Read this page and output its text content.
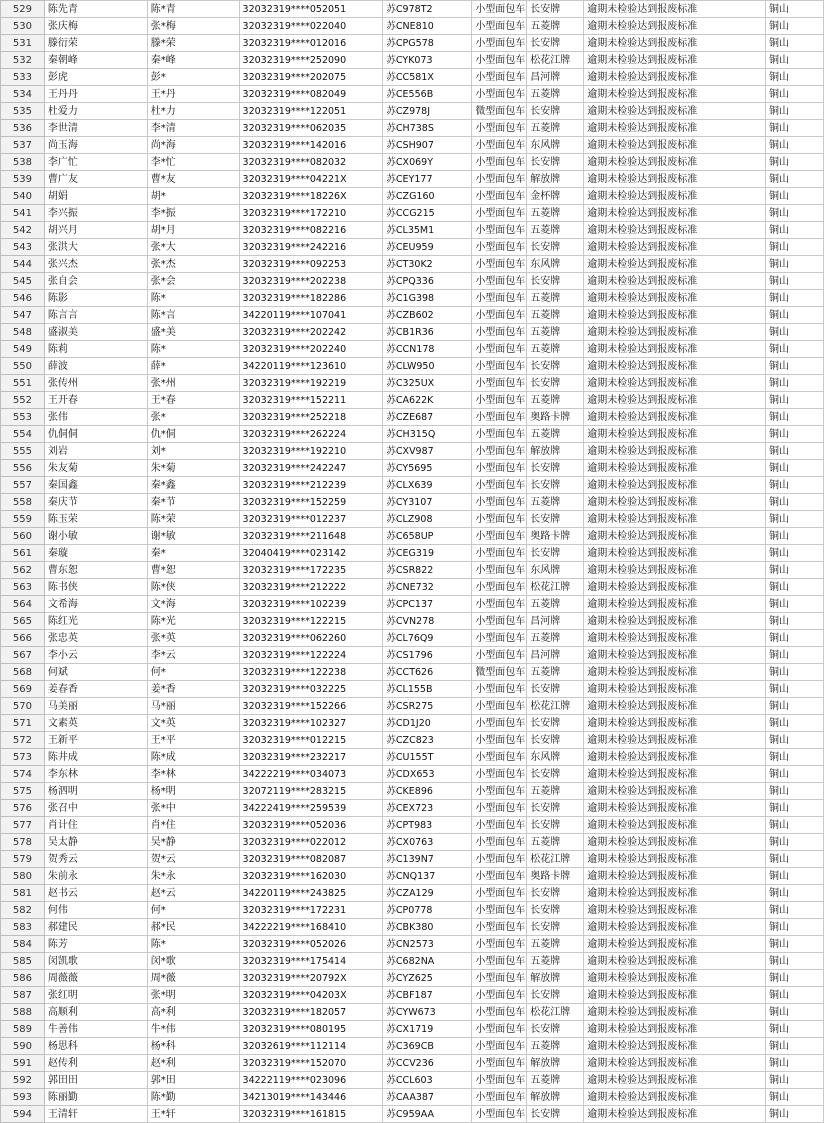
529	陈先青	陈*青	32032319****052051	苏C978T2	小型面包车	长安牌	逾期未检验达到报废标准	铜山
530	张庆梅	张*梅	32032319****022040	苏CNE810	小型面包车	五菱牌	逾期未检验达到报废标准	铜山
531	滕衍荣	滕*荣	32032319****012016	苏CPG578	小型面包车	长安牌	逾期未检验达到报废标准	铜山
532	秦朝峰	秦*峰	32032319****252090	苏CYK073	小型面包车	松花江牌	逾期未检验达到报废标准	铜山
533	彭虎	彭*	32032319****202075	苏CC581X	小型面包车	昌河牌	逾期未检验达到报废标准	铜山
534	王丹丹	王*丹	32032319****082049	苏CE556B	小型面包车	五菱牌	逾期未检验达到报废标准	铜山
535	杜爱力	杜*力	32032319****122051	苏CZ978J	微型面包车	长安牌	逾期未检验达到报废标准	铜山
536	李世清	李*清	32032319****062035	苏CH738S	小型面包车	五菱牌	逾期未检验达到报废标准	铜山
537	尚玉海	尚*海	32032319****142016	苏CSH907	小型面包车	东风牌	逾期未检验达到报废标准	铜山
538	李广忙	李*忙	32032319****082032	苏CX069Y	小型面包车	长安牌	逾期未检验达到报废标准	铜山
539	曹广友	曹*友	32032319****04221X	苏CEY177	小型面包车	解放牌	逾期未检验达到报废标准	铜山
540	胡娟	胡*	32032319****18226X	苏CZG160	小型面包车	金杯牌	逾期未检验达到报废标准	铜山
541	李兴振	李*振	32032319****172210	苏CCG215	小型面包车	五菱牌	逾期未检验达到报废标准	铜山
542	胡兴月	胡*月	32032319****082216	苏CL35M1	小型面包车	五菱牌	逾期未检验达到报废标准	铜山
543	张洪大	张*大	32032319****242216	苏CEU959	小型面包车	长安牌	逾期未检验达到报废标准	铜山
544	张兴杰	张*杰	32032319****092253	苏CT30K2	小型面包车	东风牌	逾期未检验达到报废标准	铜山
545	张自会	张*会	32032319****202238	苏CPQ336	小型面包车	长安牌	逾期未检验达到报废标准	铜山
546	陈影	陈*	32032319****182286	苏C1G398	小型面包车	五菱牌	逾期未检验达到报废标准	铜山
547	陈言言	陈*言	34220119****107041	苏CZB602	小型面包车	五菱牌	逾期未检验达到报废标准	铜山
548	盛淑美	盛*美	32032319****202242	苏CB1R36	小型面包车	五菱牌	逾期未检验达到报废标准	铜山
549	陈莉	陈*	32032319****202240	苏CCN178	小型面包车	五菱牌	逾期未检验达到报废标准	铜山
550	薛波	薛*	34220119****123610	苏CLW950	小型面包车	长安牌	逾期未检验达到报废标准	铜山
551	张传州	张*州	32032319****192219	苏C325UX	小型面包车	长安牌	逾期未检验达到报废标准	铜山
552	王开春	王*春	32032319****152211	苏CA622K	小型面包车	五菱牌	逾期未检验达到报废标准	铜山
553	张伟	张*	32032319****252218	苏CZE687	小型面包车	奥路卡牌	逾期未检验达到报废标准	铜山
554	仇侗侗	仇*侗	32032319****262224	苏CH315Q	小型面包车	五菱牌	逾期未检验达到报废标准	铜山
555	刘岩	刘*	32032319****192210	苏CXV987	小型面包车	解放牌	逾期未检验达到报废标准	铜山
556	朱友菊	朱*菊	32032319****242247	苏CY5695	小型面包车	长安牌	逾期未检验达到报废标准	铜山
557	秦国鑫	秦*鑫	32032319****212239	苏CLX639	小型面包车	长安牌	逾期未检验达到报废标准	铜山
558	秦庆节	秦*节	32032319****152259	苏CY3107	小型面包车	五菱牌	逾期未检验达到报废标准	铜山
559	陈玉荣	陈*荣	32032319****012237	苏CLZ908	小型面包车	长安牌	逾期未检验达到报废标准	铜山
560	谢小敏	谢*敏	32032319****211648	苏C658UP	小型面包车	奥路卡牌	逾期未检验达到报废标准	铜山
561	秦璇	秦*	32040419****023142	苏CEG319	小型面包车	长安牌	逾期未检验达到报废标准	铜山
562	曹东恕	曹*恕	32032319****172235	苏CSR822	小型面包车	东风牌	逾期未检验达到报废标准	铜山
563	陈书侠	陈*侠	32032319****212222	苏CNE732	小型面包车	松花江牌	逾期未检验达到报废标准	铜山
564	文希海	文*海	32032319****102239	苏CPC137	小型面包车	五菱牌	逾期未检验达到报废标准	铜山
565	陈红光	陈*光	32032319****122215	苏CVN278	小型面包车	昌河牌	逾期未检验达到报废标准	铜山
566	张忠英	张*英	32032319****062260	苏CL76Q9	小型面包车	五菱牌	逾期未检验达到报废标准	铜山
567	李小云	李*云	32032319****122224	苏CS1796	小型面包车	昌河牌	逾期未检验达到报废标准	铜山
568	何斌	何*	32032319****122238	苏CCT626	微型面包车	五菱牌	逾期未检验达到报废标准	铜山
569	姜春香	姜*香	32032319****032225	苏CL155B	小型面包车	长安牌	逾期未检验达到报废标准	铜山
570	马美丽	马*丽	32032319****152266	苏CSR275	小型面包车	松花江牌	逾期未检验达到报废标准	铜山
571	文素英	文*英	32032319****102327	苏CD1J20	小型面包车	长安牌	逾期未检验达到报废标准	铜山
572	王新平	王*平	32032319****012215	苏CZC823	小型面包车	长安牌	逾期未检验达到报废标准	铜山
573	陈井成	陈*成	32032319****232217	苏CU155T	小型面包车	东风牌	逾期未检验达到报废标准	铜山
574	李东林	李*林	34222219****034073	苏CDX653	小型面包车	长安牌	逾期未检验达到报废标准	铜山
575	杨泗明	杨*明	32072119****283215	苏CKE896	小型面包车	五菱牌	逾期未检验达到报废标准	铜山
576	张召中	张*中	34222419****259539	苏CEX723	小型面包车	长安牌	逾期未检验达到报废标准	铜山
577	肖计住	肖*住	32032319****052036	苏CPT983	小型面包车	长安牌	逾期未检验达到报废标准	铜山
578	吴太静	吴*静	32032319****022012	苏CX0763	小型面包车	五菱牌	逾期未检验达到报废标准	铜山
579	贺秀云	贺*云	32032319****082087	苏C139N7	小型面包车	松花江牌	逾期未检验达到报废标准	铜山
580	朱前永	朱*永	32032319****162030	苏CNQ137	小型面包车	奥路卡牌	逾期未检验达到报废标准	铜山
581	赵书云	赵*云	34220119****243825	苏CZA129	小型面包车	长安牌	逾期未检验达到报废标准	铜山
582	何伟	何*	32032319****172231	苏CP0778	小型面包车	长安牌	逾期未检验达到报废标准	铜山
583	郝建民	郝*民	34222219****168410	苏CBK380	小型面包车	长安牌	逾期未检验达到报废标准	铜山
584	陈芳	陈*	32032319****052026	苏CN2573	小型面包车	五菱牌	逾期未检验达到报废标准	铜山
585	闵凯歌	闵*歌	32032319****175414	苏C682NA	小型面包车	五菱牌	逾期未检验达到报废标准	铜山
586	周薇薇	周*薇	32032319****20792X	苏CYZ625	小型面包车	解放牌	逾期未检验达到报废标准	铜山
587	张红明	张*明	32032319****04203X	苏CBF187	小型面包车	长安牌	逾期未检验达到报废标准	铜山
588	高顺利	高*利	32032319****182057	苏CYW673	小型面包车	松花江牌	逾期未检验达到报废标准	铜山
589	牛善伟	牛*伟	32032319****080195	苏CX1719	小型面包车	长安牌	逾期未检验达到报废标准	铜山
590	杨思科	杨*科	32032619****112114	苏C369CB	小型面包车	五菱牌	逾期未检验达到报废标准	铜山
591	赵传利	赵*利	32032319****152070	苏CCV236	小型面包车	解放牌	逾期未检验达到报废标准	铜山
592	郭田田	郭*田	34222119****023096	苏CCL603	小型面包车	五菱牌	逾期未检验达到报废标准	铜山
593	陈丽勤	陈*勤	34213019****143446	苏CAA387	小型面包车	解放牌	逾期未检验达到报废标准	铜山
594	王清轩	王*轩	32032319****161815	苏C959AA	小型面包车	长安牌	逾期未检验达到报废标准	铜山
